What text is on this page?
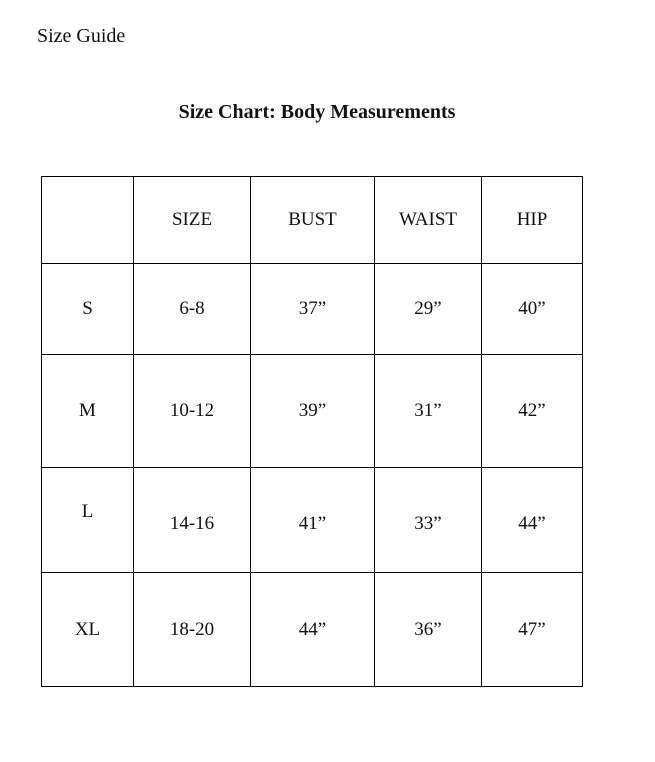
Size Guide
Size Chart: Body Measurements
	SIZE	BUST	WAIST	HIP
S	6-8	37”	29”	40”
M	10-12	39”	31”	42”

L	14-16	41”	33”	44”

XL	18-20	44”	36”	47”
